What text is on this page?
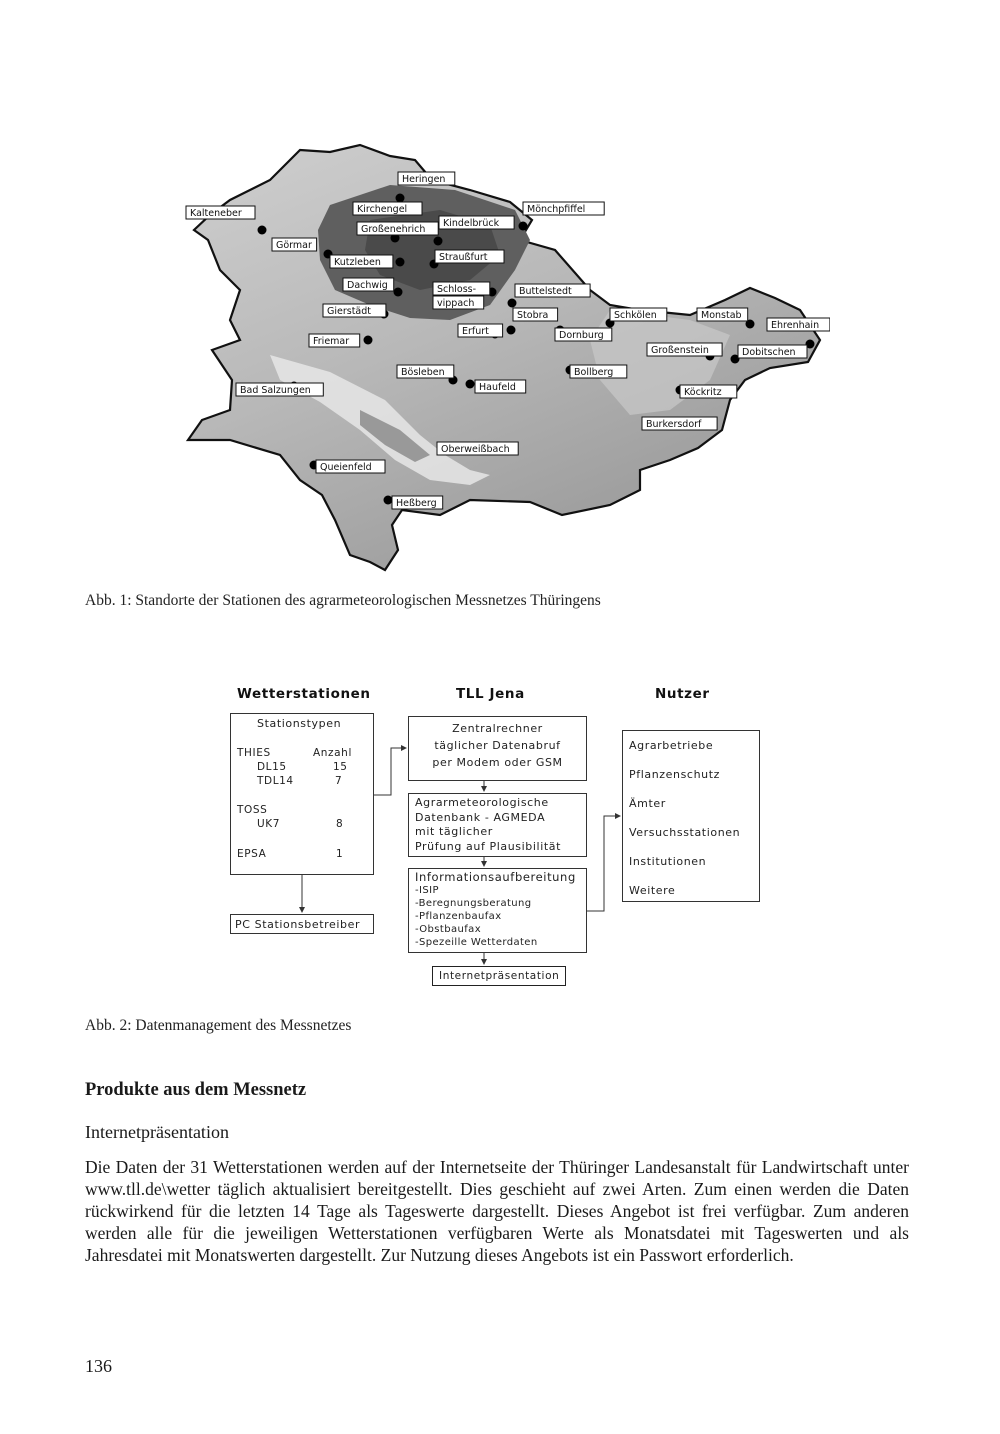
Heringen
Kalteneber	Kirchengel
Kindelbrück
Mönchpfiffel
Großenehrich
Görmar
Kutzleben	Straußfurt
Dachwig	Schloss-
vippach
Buttelstedt
Gierstädt	Stobra	Schkölen	Monstab
Ehrenhain
Erfurt	Dornburg
Friemar
Großenstein	Dobitschen
Bösleben	Bollberg
Bad Salzungen	Haufeld	Köckritz
Burkersdorf
Oberweißbach
Queienfeld
Heßberg
Abb. 1: Standorte der Stationen des agrarmeteorologischen Messnetzes Thüringens
Wetterstationen	TLL Jena	Nutzer
Stationstypen
THIES	Anzahl
DL15	15
TDL14	7
TOSS
UK7	8
EPSA	1
PC Stationsbetreiber
Zentralrechner
täglicher Datenabruf
per Modem oder GSM
Agrarmeteorologische
Datenbank - AGMEDA
mit täglicher
Prüfung auf Plausibilität
Informationsaufbereitung
-ISIP
-Beregnungsberatung
-Pflanzenbaufax
-Obstbaufax
-Spezeille Wetterdaten
Internetpräsentation
Agrarbetriebe
Pflanzenschutz
Ämter
Versuchsstationen
Institutionen
Weitere
Abb. 2: Datenmanagement des Messnetzes
Produkte aus dem Messnetz
Internetpräsentation

Die Daten der 31 Wetterstationen werden auf der Internetseite der Thüringer Landesanstalt für Landwirtschaft unter www.tll.de\wetter täglich aktualisiert bereitgestellt. Dies geschieht auf zwei Arten. Zum einen werden die Daten rückwirkend für die letzten 14 Tage als Tageswerte dargestellt. Dieses Angebot ist frei verfügbar. Zum anderen werden alle für die jeweiligen Wetterstationen verfügbaren Werte als Monatsdatei mit Tageswerten und als Jahresdatei mit Monatswerten dargestellt. Zur Nutzung dieses Angebots ist ein Passwort erforderlich.

136
